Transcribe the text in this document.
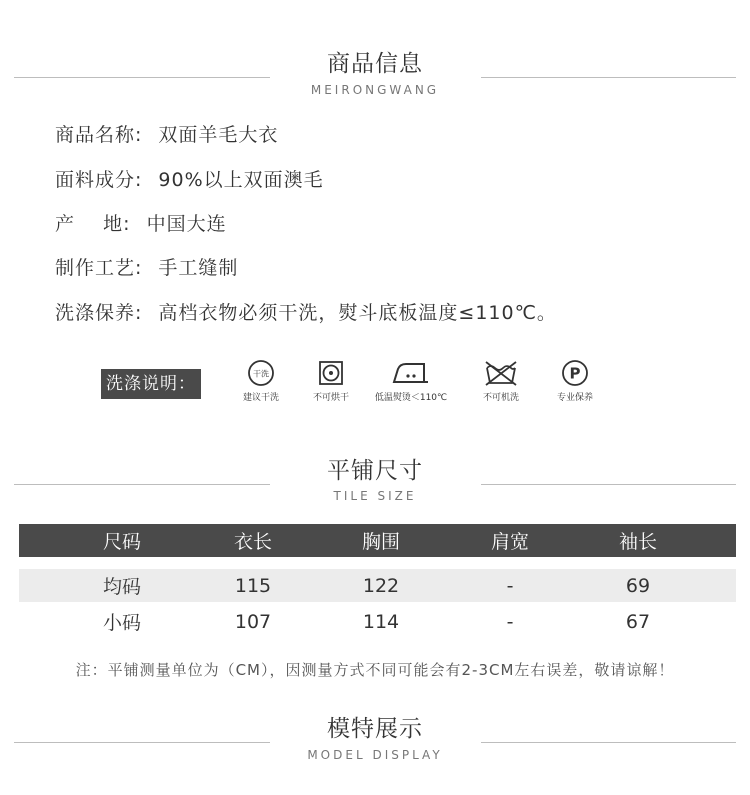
商品信息
MEIRONGWANG
商品名称: 双面羊毛大衣
面料成分: 90%以上双面澳毛
产    地: 中国大连
制作工艺: 手工缝制
洗涤保养: 高档衣物必须干洗，熨斗底板温度≤110℃。
洗涤说明：	干洗
建议干洗	不可烘干	低温熨烫＜110℃	不可机洗
P
专业保养
平铺尺寸
TILE SIZE
尺码	衣长	胸围	肩宽	袖长
均码	115	122	-	69
小码	107	114	-	67
注：平铺测量单位为（CM），因测量方式不同可能会有2-3CM左右误差，敬请谅解！
模特展示
MODEL DISPLAY
